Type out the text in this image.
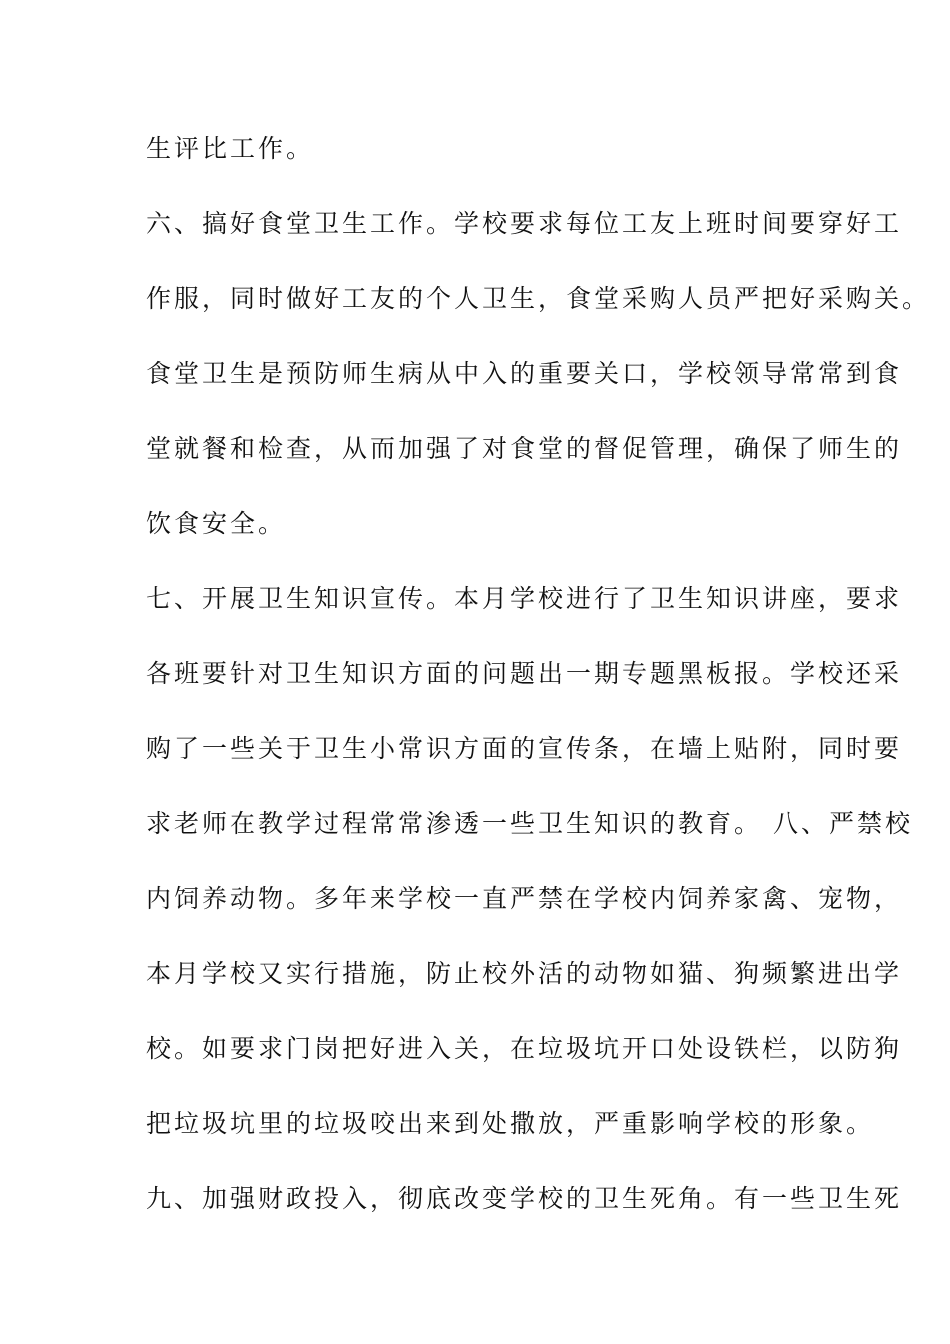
生评比工作。
六、搞好食堂卫生工作。学校要求每位工友上班时间要穿好工
作服，同时做好工友的个人卫生，食堂采购人员严把好采购关。
食堂卫生是预防师生病从中入的重要关口，学校领导常常到食
堂就餐和检查，从而加强了对食堂的督促管理，确保了师生的
饮食安全。
七、开展卫生知识宣传。本月学校进行了卫生知识讲座，要求
各班要针对卫生知识方面的问题出一期专题黑板报。学校还采
购了一些关于卫生小常识方面的宣传条，在墙上贴附，同时要
求老师在教学过程常常渗透一些卫生知识的教育。 八、严禁校
内饲养动物。多年来学校一直严禁在学校内饲养家禽、宠物，
本月学校又实行措施，防止校外活的动物如猫、狗频繁进出学
校。如要求门岗把好进入关，在垃圾坑开口处设铁栏，以防狗
把垃圾坑里的垃圾咬出来到处撒放，严重影响学校的形象。
九、加强财政投入，彻底改变学校的卫生死角。有一些卫生死
